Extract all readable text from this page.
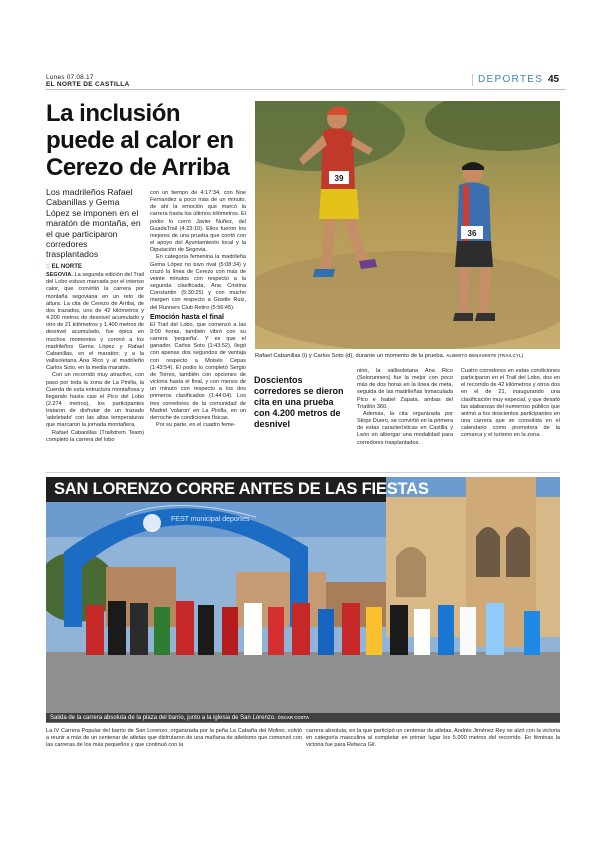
Lunes 07.08.17
EL NORTE DE CASTILLA	DEPORTES 45
La inclusión puede al calor en Cerezo de Arriba
Los madrileños Rafael Cabanillas y Gema López se imponen en el maratón de montaña, en el que participaron corredores trasplantados
:: EL NORTE

SEGOVIA. La segunda edición del Trail del Lobo estuvo marcada por el intenso calor, que convirtió la carrera por montaña segoviana en un reto de altura. La cita de Cerezo de Arriba, de dos trazados, uno de 42 kilómetros y 4.200 metros de desnivel acumulado y otro de 21 kilómetros y 1.400 metros de desnivel acumulado, fue épica en muchos momentos y coronó a los madrileños Gema López y Rafael Cabanillas, en el maratón; y a la vallisoletana Ana Rico y al madrileño Carlos Soto, en la media maratón.

Con un recorrido muy atractivo, con paso por toda la zona de La Pinilla, la Cuerda de esta estructura montañosa y llegando hasta casi el Pico del Lobo (2.274 metros), los participantes trataron de disfrutar de un trazado 'adeletado' con las altas temperaturas que marcaron la jornada montañera.

Rafael Cabanillas (Trailxtrem Team) completó la carrera del lobo

con un tiempo de 4:17:34, con Noe Fernandez a poco más de un minuto, de ahí la emoción que marcó la carrera hasta los últimos kilómetros. El podio lo cerró Javier Nuñez, del GuadaTrail (4:23:10). Ellos fueron los mejores de una prueba que contó con el apoyo del Ayuntamiento local y la Diputación de Segovia.

En categoría femenina la madrileña Gema López no tuvo rival (5:08:34) y cruzó la línea de Cerezo con más de veinte minutos con respecto a la segunda clasificada, Ana Cristina Constantin (5:30:25) y con mucho margen con respecto a Giselle Ruiz, del Runners Club Retiro (5:56:45).

Emoción hasta el final

El Trail del Lobo, que comenzó a las 9:00 horas, también vibró con su carrera 'pequeña'. Y es que el ganador, Carlos Soto (1:43:52), llegó con apenas dos segundos de ventaja con respecto a Moisés Cepas (1:43:54). El podio lo completó Sergio de Torres, también con opciones de victoria hasta el final, y con menos de un minuto con respecto a los dos primeros clasificados (1:44:04). Los tres corredores de la comunidad de Madrid 'volaron' en La Pinilla, en un derroche de condiciones físicas.

Por su parte, en el cuadro feme-

39
36
Rafael Cabanillas (i) y Carlos Soto (d), durante un momento de la prueba. ALBERTO BENAVENTE (TRAILCYL)
Doscientos corredores se dieron cita en una prueba con 4.200 metros de desnivel

nino, la vallisoletana Ana Rico (Solorunners) fue la mejor con poco más de dos horas en la línea de meta, seguida de las madrileñas Inmaculada Pico e Isabel Zapata, ambas del Triatlón 360.

Además, la cita organizada por Stirps Duero, se convirtió en la primera de estas características en Castilla y León en albergar una modalidad para corredores trasplantados.

Cuatro corredores en estas condiciones participaron en el Trail del Lobo, dos en el recorrido de 42 kilómetros y otros dos en el de 21, inaugurando una clasificación muy especial, y que desató las alabanzas del numeroso público que animó a los doscientos participantes en una carrera que se consolida en el calendario como promotora de la comarca y el turismo en la zona.

FEST municipal deportes
SAN LORENZO CORRE ANTES DE LAS FIESTAS
Salida de la carrera absoluta de la plaza del barrio, junto a la iglesia de San Lorenzo. ÓSCAR COSTA
La IV Carrera Popular del barrio de San Lorenzo, organizada por la peña La Cabaña del Molino, volvió a reunir a más de un centenar de atletas que disfrutaron de una mañana de atletismo que comenzó con las carreras de los más pequeños y que continuó con la
carrera absoluta, en la que participó un centenar de atletas. Andrés Jiménez Rey se alzó con la victoria en categoría masculina al completar en primer lugar los 5.000 metros del recorrido. En féminas la victoria fue para Rebeca Gil.
